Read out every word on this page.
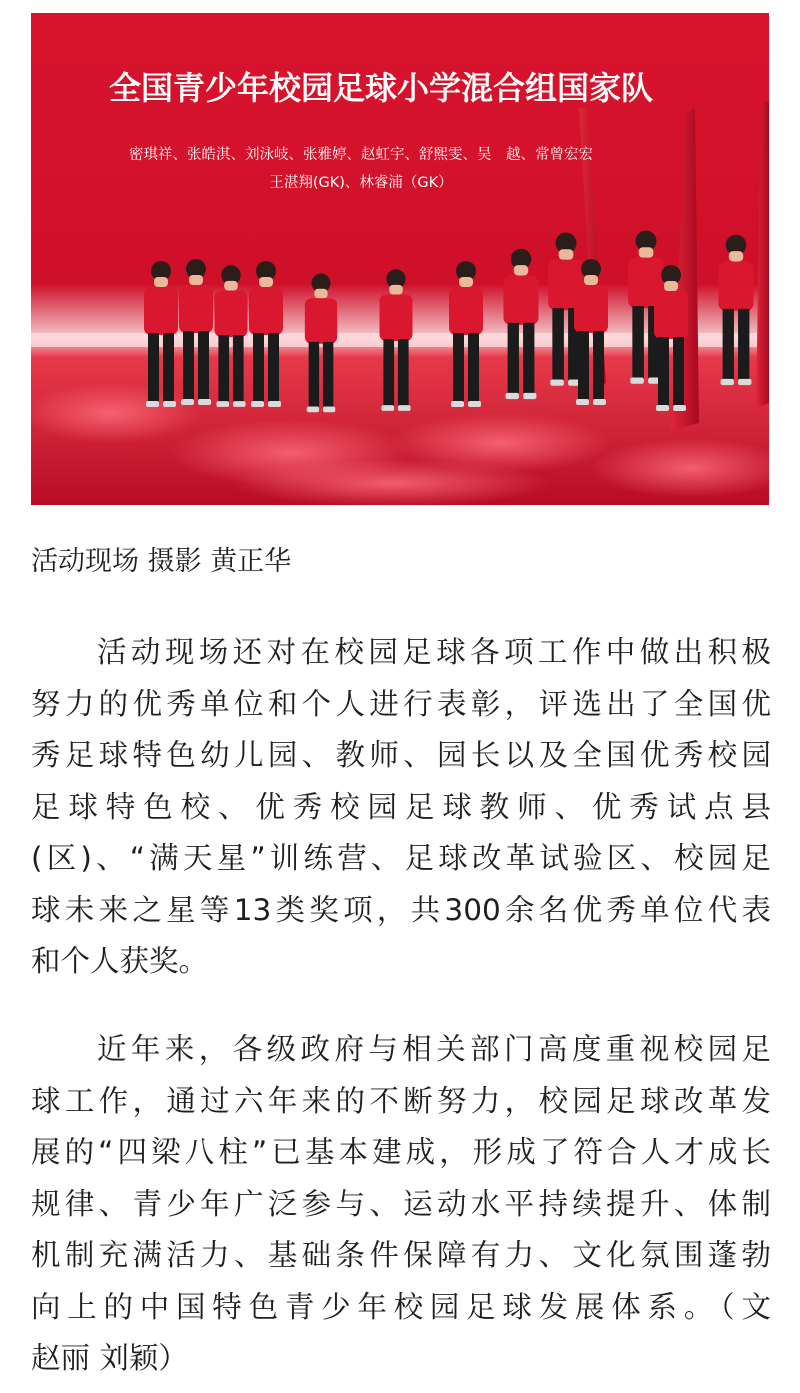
全国青少年校园足球小学混合组国家队
密琪祥、张皓淇、刘泳岐、张雅婷、赵虹宇、舒熙雯、吴　越、常曾宏宏
王湛翔(GK)、林睿浦（GK）
活动现场 摄影 黄正华
活动现场还对在校园足球各项工作中做出积极
努力的优秀单位和个人进行表彰，评选出了全国优
秀足球特色幼儿园、教师、园长以及全国优秀校园
足球特色校、优秀校园足球教师、优秀试点县
(区)、“满天星”训练营、足球改革试验区、校园足
球未来之星等13类奖项，共300余名优秀单位代表
和个人获奖。
近年来，各级政府与相关部门高度重视校园足
球工作，通过六年来的不断努力，校园足球改革发
展的“四梁八柱”已基本建成，形成了符合人才成长
规律、青少年广泛参与、运动水平持续提升、体制
机制充满活力、基础条件保障有力、文化氛围蓬勃
向上的中国特色青少年校园足球发展体系。（文
赵丽 刘颖）
